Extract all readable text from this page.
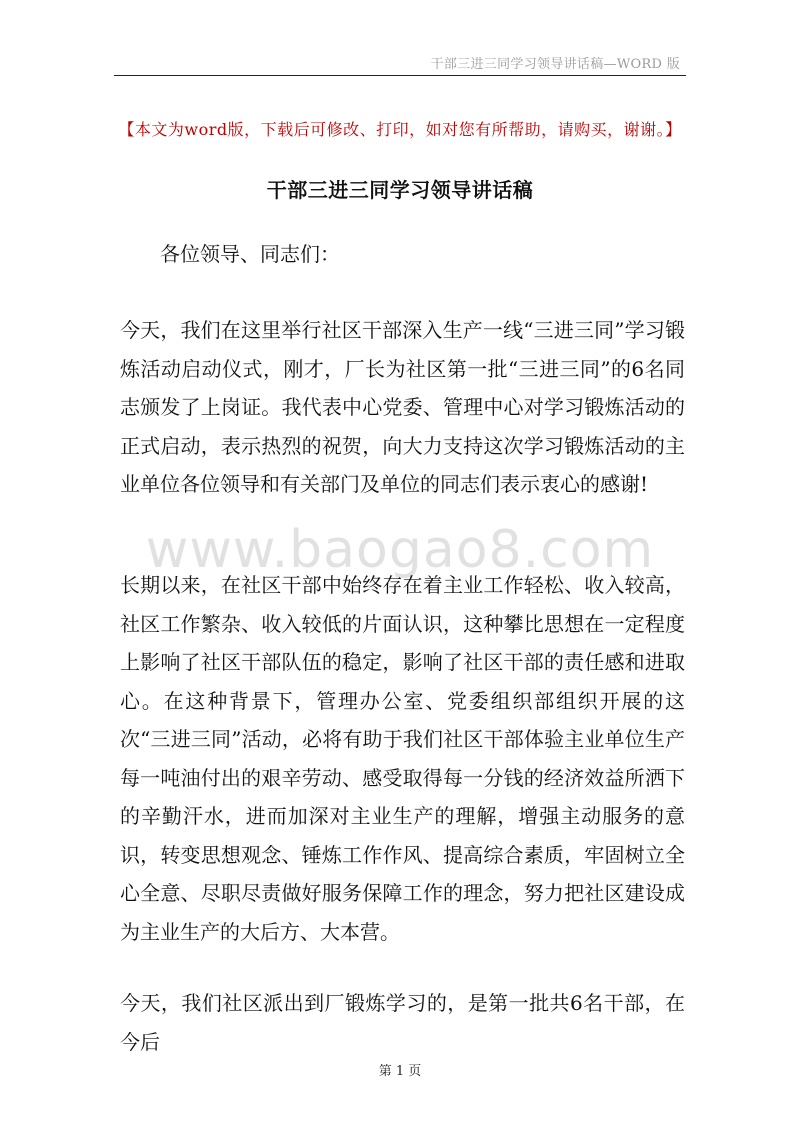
干部三进三同学习领导讲话稿—WORD 版
【本文为word版，下载后可修改、打印，如对您有所帮助，请购买，谢谢。】
干部三进三同学习领导讲话稿
各位领导、同志们：

今天，我们在这里举行社区干部深入生产一线“三进三同”学习锻炼活动启动仪式，刚才，厂长为社区第一批“三进三同”的6名同志颁发了上岗证。我代表中心党委、管理中心对学习锻炼活动的正式启动，表示热烈的祝贺，向大力支持这次学习锻炼活动的主业单位各位领导和有关部门及单位的同志们表示衷心的感谢!

www.baogao8.com

长期以来，在社区干部中始终存在着主业工作轻松、收入较高，社区工作繁杂、收入较低的片面认识，这种攀比思想在一定程度上影响了社区干部队伍的稳定，影响了社区干部的责任感和进取心。在这种背景下，管理办公室、党委组织部组织开展的这次“三进三同”活动，必将有助于我们社区干部体验主业单位生产每一吨油付出的艰辛劳动、感受取得每一分钱的经济效益所洒下的辛勤汗水，进而加深对主业生产的理解，增强主动服务的意识，转变思想观念、锤炼工作作风、提高综合素质，牢固树立全心全意、尽职尽责做好服务保障工作的理念，努力把社区建设成为主业生产的大后方、大本营。

今天，我们社区派出到厂锻炼学习的，是第一批共6名干部，在今后

第 1 页
